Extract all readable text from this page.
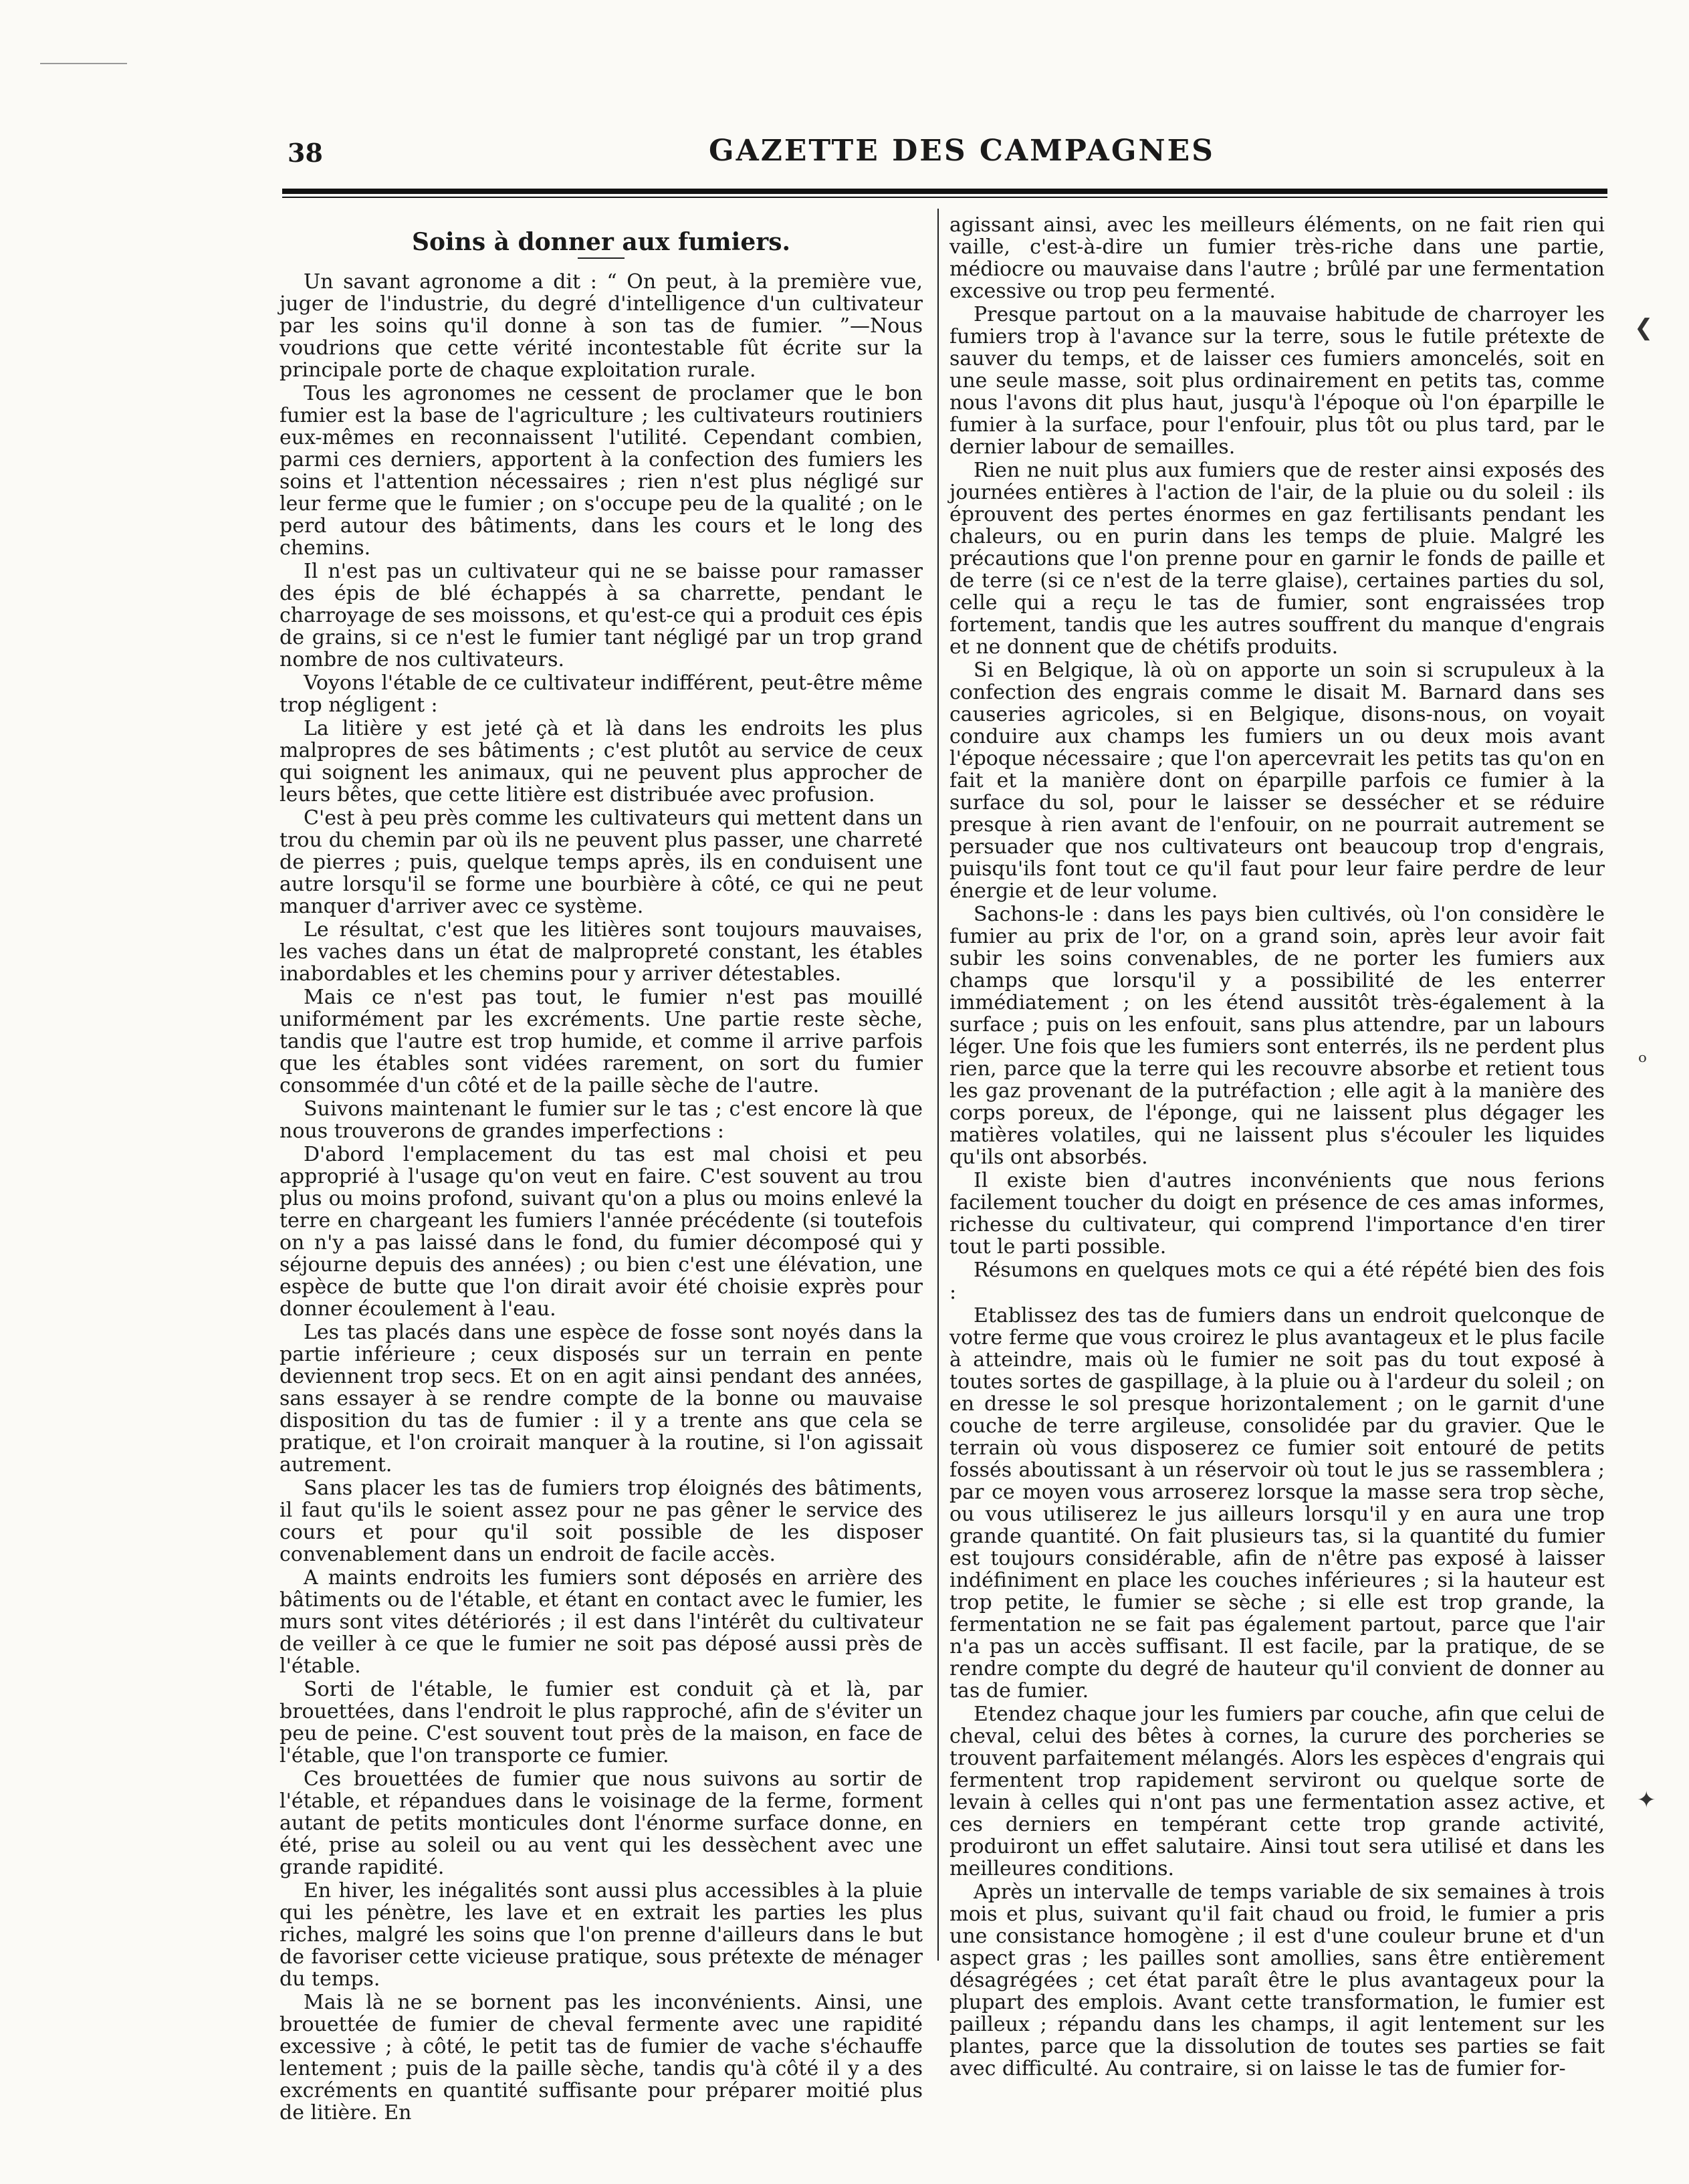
38	GAZETTE DES CAMPAGNES
Soins à donner aux fumiers.

Un savant agronome a dit : “ On peut, à la première vue, juger de l'industrie, du degré d'intelligence d'un cultivateur par les soins qu'il donne à son tas de fumier. ”—Nous voudrions que cette vérité incontestable fût écrite sur la principale porte de chaque exploitation rurale.

Tous les agronomes ne cessent de proclamer que le bon fumier est la base de l'agriculture ; les cultivateurs routiniers eux-mêmes en reconnaissent l'utilité. Cependant combien, parmi ces derniers, apportent à la confection des fumiers les soins et l'attention nécessaires ; rien n'est plus négligé sur leur ferme que le fumier ; on s'occupe peu de la qualité ; on le perd autour des bâtiments, dans les cours et le long des chemins.

Il n'est pas un cultivateur qui ne se baisse pour ramasser des épis de blé échappés à sa charrette, pendant le charroyage de ses moissons, et qu'est-ce qui a produit ces épis de grains, si ce n'est le fumier tant négligé par un trop grand nombre de nos cultivateurs.

Voyons l'étable de ce cultivateur indifférent, peut-être même trop négligent :

La litière y est jeté çà et là dans les endroits les plus malpropres de ses bâtiments ; c'est plutôt au service de ceux qui soignent les animaux, qui ne peuvent plus approcher de leurs bêtes, que cette litière est distribuée avec profusion.

C'est à peu près comme les cultivateurs qui mettent dans un trou du chemin par où ils ne peuvent plus passer, une charreté de pierres ; puis, quelque temps après, ils en conduisent une autre lorsqu'il se forme une bourbière à côté, ce qui ne peut manquer d'arriver avec ce système.

Le résultat, c'est que les litières sont toujours mauvaises, les vaches dans un état de malpropreté constant, les étables inabordables et les chemins pour y arriver détestables.

Mais ce n'est pas tout, le fumier n'est pas mouillé uniformément par les excréments. Une partie reste sèche, tandis que l'autre est trop humide, et comme il arrive parfois que les étables sont vidées rarement, on sort du fumier consommée d'un côté et de la paille sèche de l'autre.

Suivons maintenant le fumier sur le tas ; c'est encore là que nous trouverons de grandes imperfections :

D'abord l'emplacement du tas est mal choisi et peu approprié à l'usage qu'on veut en faire. C'est souvent au trou plus ou moins profond, suivant qu'on a plus ou moins enlevé la terre en chargeant les fumiers l'année précédente (si toutefois on n'y a pas laissé dans le fond, du fumier décomposé qui y séjourne depuis des années) ; ou bien c'est une élévation, une espèce de butte que l'on dirait avoir été choisie exprès pour donner écoulement à l'eau.

Les tas placés dans une espèce de fosse sont noyés dans la partie inférieure ; ceux disposés sur un terrain en pente deviennent trop secs. Et on en agit ainsi pendant des années, sans essayer à se rendre compte de la bonne ou mauvaise disposition du tas de fumier : il y a trente ans que cela se pratique, et l'on croirait manquer à la routine, si l'on agissait autrement.

Sans placer les tas de fumiers trop éloignés des bâtiments, il faut qu'ils le soient assez pour ne pas gêner le service des cours et pour qu'il soit possible de les disposer convenablement dans un endroit de facile accès.

A maints endroits les fumiers sont déposés en arrière des bâtiments ou de l'étable, et étant en contact avec le fumier, les murs sont vites détériorés ; il est dans l'intérêt du cultivateur de veiller à ce que le fumier ne soit pas déposé aussi près de l'étable.

Sorti de l'étable, le fumier est conduit çà et là, par brouettées, dans l'endroit le plus rapproché, afin de s'éviter un peu de peine. C'est souvent tout près de la maison, en face de l'étable, que l'on transporte ce fumier.

Ces brouettées de fumier que nous suivons au sortir de l'étable, et répandues dans le voisinage de la ferme, forment autant de petits monticules dont l'énorme surface donne, en été, prise au soleil ou au vent qui les dessèchent avec une grande rapidité.

En hiver, les inégalités sont aussi plus accessibles à la pluie qui les pénètre, les lave et en extrait les parties les plus riches, malgré les soins que l'on prenne d'ailleurs dans le but de favoriser cette vicieuse pratique, sous prétexte de ménager du temps.

Mais là ne se bornent pas les inconvénients. Ainsi, une brouettée de fumier de cheval fermente avec une rapidité excessive ; à côté, le petit tas de fumier de vache s'échauffe lentement ; puis de la paille sèche, tandis qu'à côté il y a des excréments en quantité suffisante pour préparer moitié plus de litière. En

agissant ainsi, avec les meilleurs éléments, on ne fait rien qui vaille, c'est-à-dire un fumier très-riche dans une partie, médiocre ou mauvaise dans l'autre ; brûlé par une fermentation excessive ou trop peu fermenté.

Presque partout on a la mauvaise habitude de charroyer les fumiers trop à l'avance sur la terre, sous le futile prétexte de sauver du temps, et de laisser ces fumiers amoncelés, soit en une seule masse, soit plus ordinairement en petits tas, comme nous l'avons dit plus haut, jusqu'à l'époque où l'on éparpille le fumier à la surface, pour l'enfouir, plus tôt ou plus tard, par le dernier labour de semailles.

Rien ne nuit plus aux fumiers que de rester ainsi exposés des journées entières à l'action de l'air, de la pluie ou du soleil : ils éprouvent des pertes énormes en gaz fertilisants pendant les chaleurs, ou en purin dans les temps de pluie. Malgré les précautions que l'on prenne pour en garnir le fonds de paille et de terre (si ce n'est de la terre glaise), certaines parties du sol, celle qui a reçu le tas de fumier, sont engraissées trop fortement, tandis que les autres souffrent du manque d'engrais et ne donnent que de chétifs produits.

Si en Belgique, là où on apporte un soin si scrupuleux à la confection des engrais comme le disait M. Barnard dans ses causeries agricoles, si en Belgique, disons-nous, on voyait conduire aux champs les fumiers un ou deux mois avant l'époque nécessaire ; que l'on apercevrait les petits tas qu'on en fait et la manière dont on éparpille parfois ce fumier à la surface du sol, pour le laisser se dessécher et se réduire presque à rien avant de l'enfouir, on ne pourrait autrement se persuader que nos cultivateurs ont beaucoup trop d'engrais, puisqu'ils font tout ce qu'il faut pour leur faire perdre de leur énergie et de leur volume.

Sachons-le : dans les pays bien cultivés, où l'on considère le fumier au prix de l'or, on a grand soin, après leur avoir fait subir les soins convenables, de ne porter les fumiers aux champs que lorsqu'il y a possibilité de les enterrer immédiatement ; on les étend aussitôt très-également à la surface ; puis on les enfouit, sans plus attendre, par un labours léger. Une fois que les fumiers sont enterrés, ils ne perdent plus rien, parce que la terre qui les recouvre absorbe et retient tous les gaz provenant de la putréfaction ; elle agit à la manière des corps poreux, de l'éponge, qui ne laissent plus dégager les matières volatiles, qui ne laissent plus s'écouler les liquides qu'ils ont absorbés.

Il existe bien d'autres inconvénients que nous ferions facilement toucher du doigt en présence de ces amas informes, richesse du cultivateur, qui comprend l'importance d'en tirer tout le parti possible.

Résumons en quelques mots ce qui a été répété bien des fois :

Etablissez des tas de fumiers dans un endroit quelconque de votre ferme que vous croirez le plus avantageux et le plus facile à atteindre, mais où le fumier ne soit pas du tout exposé à toutes sortes de gaspillage, à la pluie ou à l'ardeur du soleil ; on en dresse le sol presque horizontalement ; on le garnit d'une couche de terre argileuse, consolidée par du gravier. Que le terrain où vous disposerez ce fumier soit entouré de petits fossés aboutissant à un réservoir où tout le jus se rassemblera ; par ce moyen vous arroserez lorsque la masse sera trop sèche, ou vous utiliserez le jus ailleurs lorsqu'il y en aura une trop grande quantité. On fait plusieurs tas, si la quantité du fumier est toujours considérable, afin de n'être pas exposé à laisser indéfiniment en place les couches inférieures ; si la hauteur est trop petite, le fumier se sèche ; si elle est trop grande, la fermentation ne se fait pas également partout, parce que l'air n'a pas un accès suffisant. Il est facile, par la pratique, de se rendre compte du degré de hauteur qu'il convient de donner au tas de fumier.

Etendez chaque jour les fumiers par couche, afin que celui de cheval, celui des bêtes à cornes, la curure des porcheries se trouvent parfaitement mélangés. Alors les espèces d'engrais qui fermentent trop rapidement serviront ou quelque sorte de levain à celles qui n'ont pas une fermentation assez active, et ces derniers en tempérant cette trop grande activité, produiront un effet salutaire. Ainsi tout sera utilisé et dans les meilleures conditions.

Après un intervalle de temps variable de six semaines à trois mois et plus, suivant qu'il fait chaud ou froid, le fumier a pris une consistance homogène ; il est d'une couleur brune et d'un aspect gras ; les pailles sont amollies, sans être entièrement désagrégées ; cet état paraît être le plus avantageux pour la plupart des emplois. Avant cette transformation, le fumier est pailleux ; répandu dans les champs, il agit lentement sur les plantes, parce que la dissolution de toutes ses parties se fait avec difficulté. Au contraire, si on laisse le tas de fumier for-

❮
ᵒ
✦
